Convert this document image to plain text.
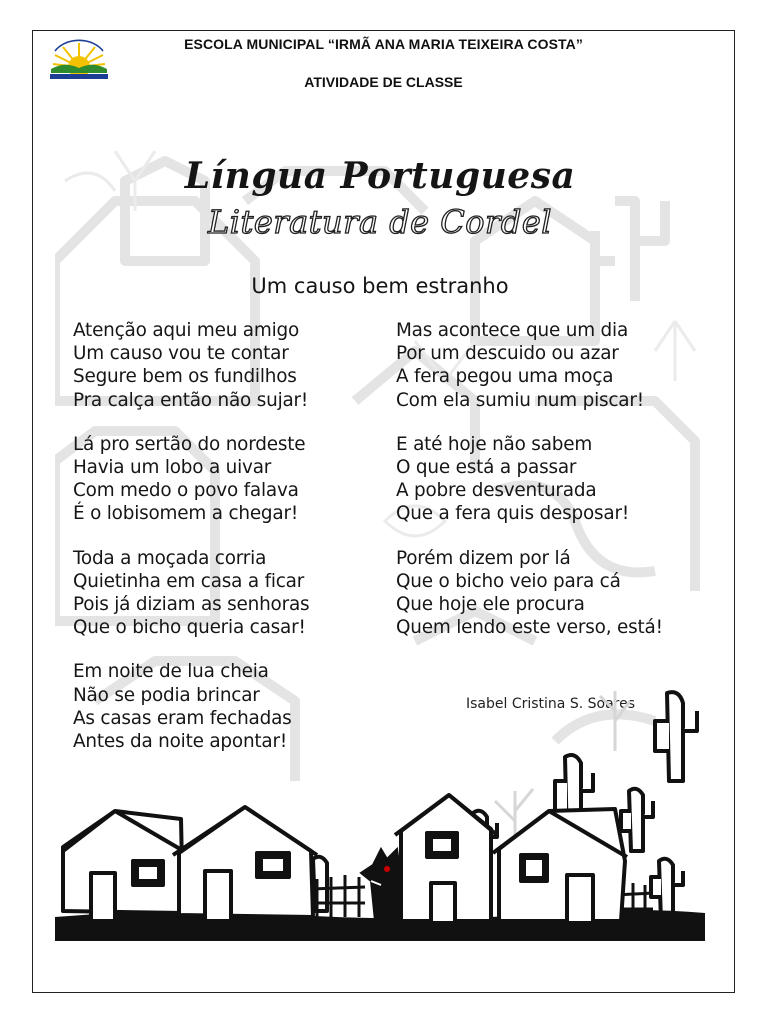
ESCOLA MUNICIPAL “IRMÃ ANA MARIA TEIXEIRA COSTA”
ATIVIDADE DE CLASSE
Língua Portuguesa
Literatura de Cordel
Um causo bem estranho
Atenção aqui meu amigo
Um causo vou te contar
Segure bem os fundilhos
Pra calça então não sujar!
Lá pro sertão do nordeste
Havia um lobo a uivar
Com medo o povo falava
É o lobisomem a chegar!
Toda a moçada corria
Quietinha em casa a ficar
Pois já diziam as senhoras
Que o bicho queria casar!
Em noite de lua cheia
Não se podia brincar
As casas eram fechadas
Antes da noite apontar!
Mas acontece que um dia
Por um descuido ou azar
A fera pegou uma moça
Com ela sumiu num piscar!
E até hoje não sabem
O que está a passar
A pobre desventurada
Que a fera quis desposar!
Porém dizem por lá
Que o bicho veio para cá
Que hoje ele procura
Quem lendo este verso, está!
Isabel Cristina S. Soares
